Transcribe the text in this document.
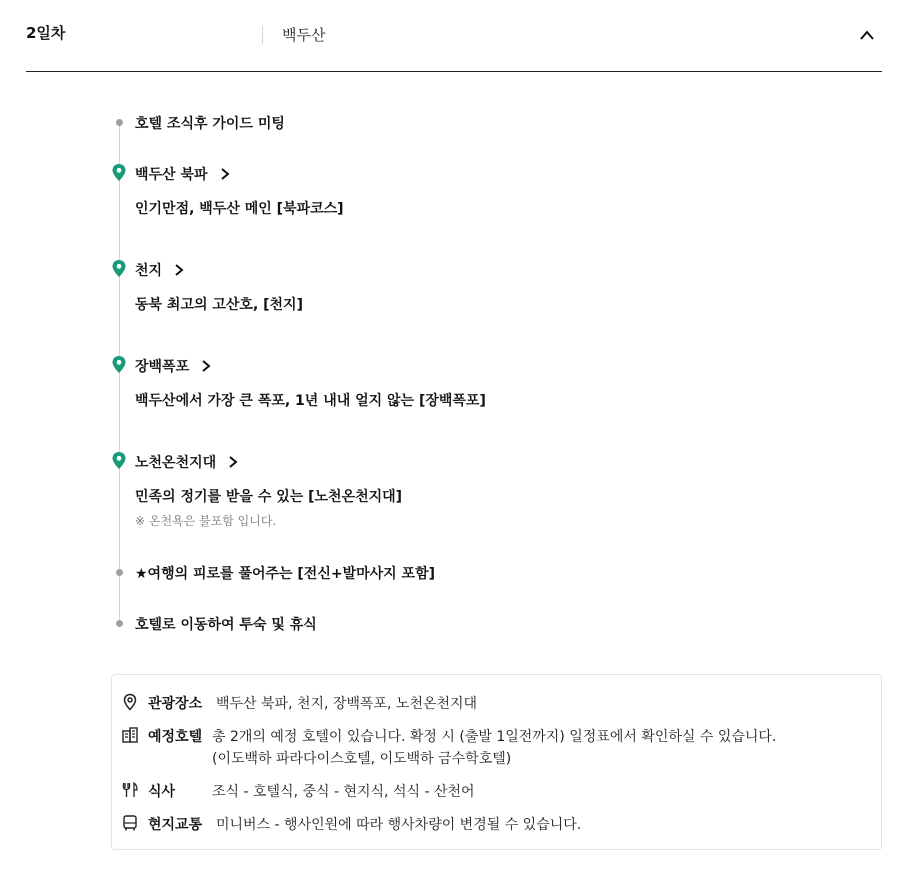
2일차	백두산
호텔 조식후 가이드 미팅
백두산 북파
인기만점, 백두산 메인 [북파코스]
천지
동북 최고의 고산호, [천지]
장백폭포
백두산에서 가장 큰 폭포, 1년 내내 얼지 않는 [장백폭포]
노천온천지대
민족의 정기를 받을 수 있는 [노천온천지대]
※ 온천욕은 불포함 입니다.
★여행의 피로를 풀어주는 [전신+발마사지 포함]
호텔로 이동하여 투숙 및 휴식
관광장소 백두산 북파, 천지, 장백폭포, 노천온천지대
예정호텔 총 2개의 예정 호텔이 있습니다. 확정 시 (출발 1일전까지) 일정표에서 확인하실 수 있습니다.
(이도백하 파라다이스호텔, 이도백하 금수학호텔)
식사	조식 - 호텔식, 중식 - 현지식, 석식 - 산천어
현지교통 미니버스 - 행사인원에 따라 행사차량이 변경될 수 있습니다.
